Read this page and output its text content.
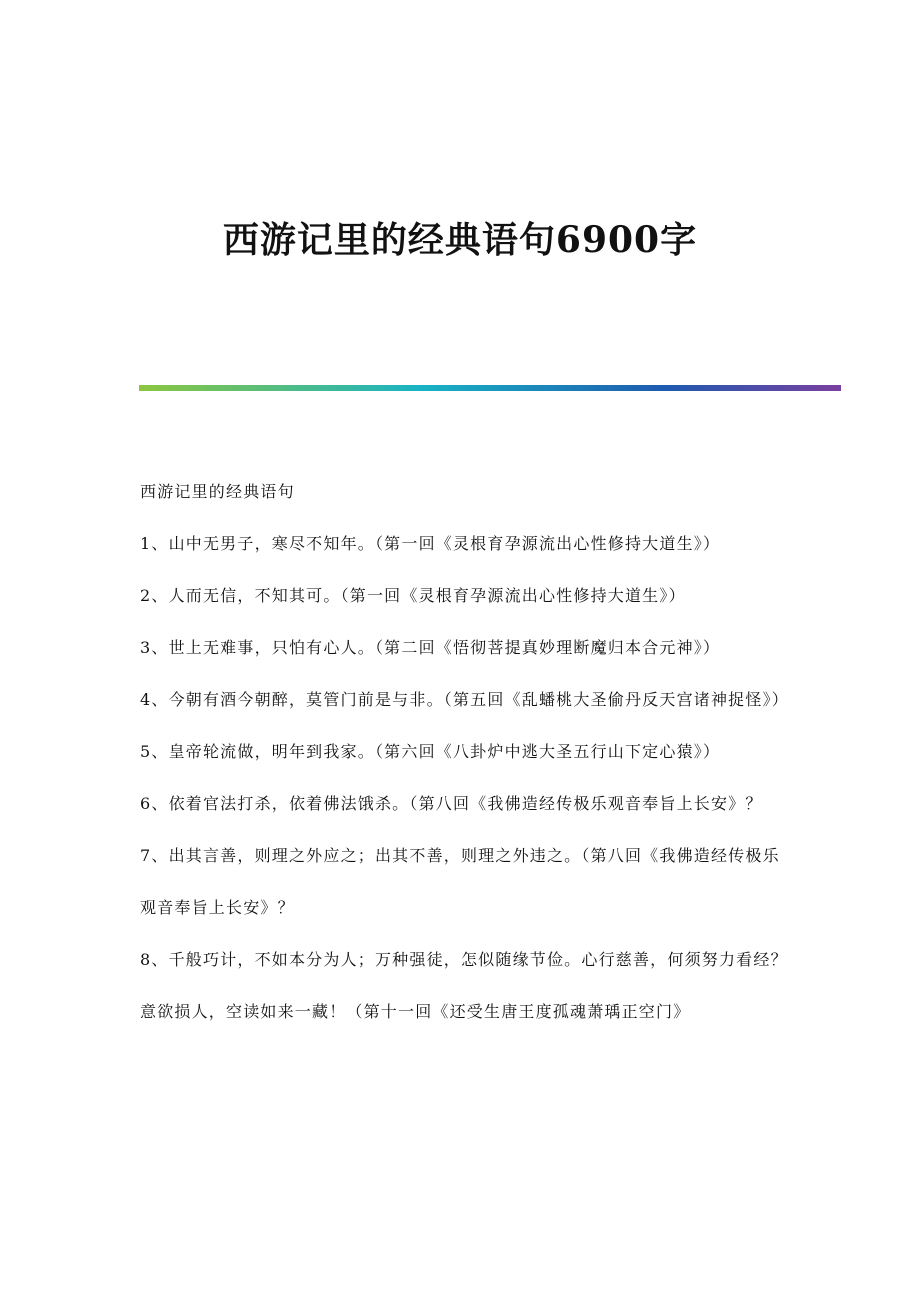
西游记里的经典语句6900字

西游记里的经典语句

1、山中无男子，寒尽不知年。（第一回《灵根育孕源流出心性修持大道生》）

2、人而无信，不知其可。（第一回《灵根育孕源流出心性修持大道生》）

3、世上无难事，只怕有心人。（第二回《悟彻菩提真妙理断魔归本合元神》）

4、今朝有酒今朝醉，莫管门前是与非。（第五回《乱蟠桃大圣偷丹反天宫诸神捉怪》）

5、皇帝轮流做，明年到我家。（第六回《八卦炉中逃大圣五行山下定心猿》）

6、依着官法打杀，依着佛法饿杀。（第八回《我佛造经传极乐观音奉旨上长安》？

7、出其言善，则理之外应之；出其不善，则理之外违之。（第八回《我佛造经传极乐观音奉旨上长安》？

8、千般巧计，不如本分为人；万种强徒，怎似随缘节俭。心行慈善，何须努力看经？意欲损人，空读如来一藏！（第十一回《还受生唐王度孤魂萧瑀正空门》
